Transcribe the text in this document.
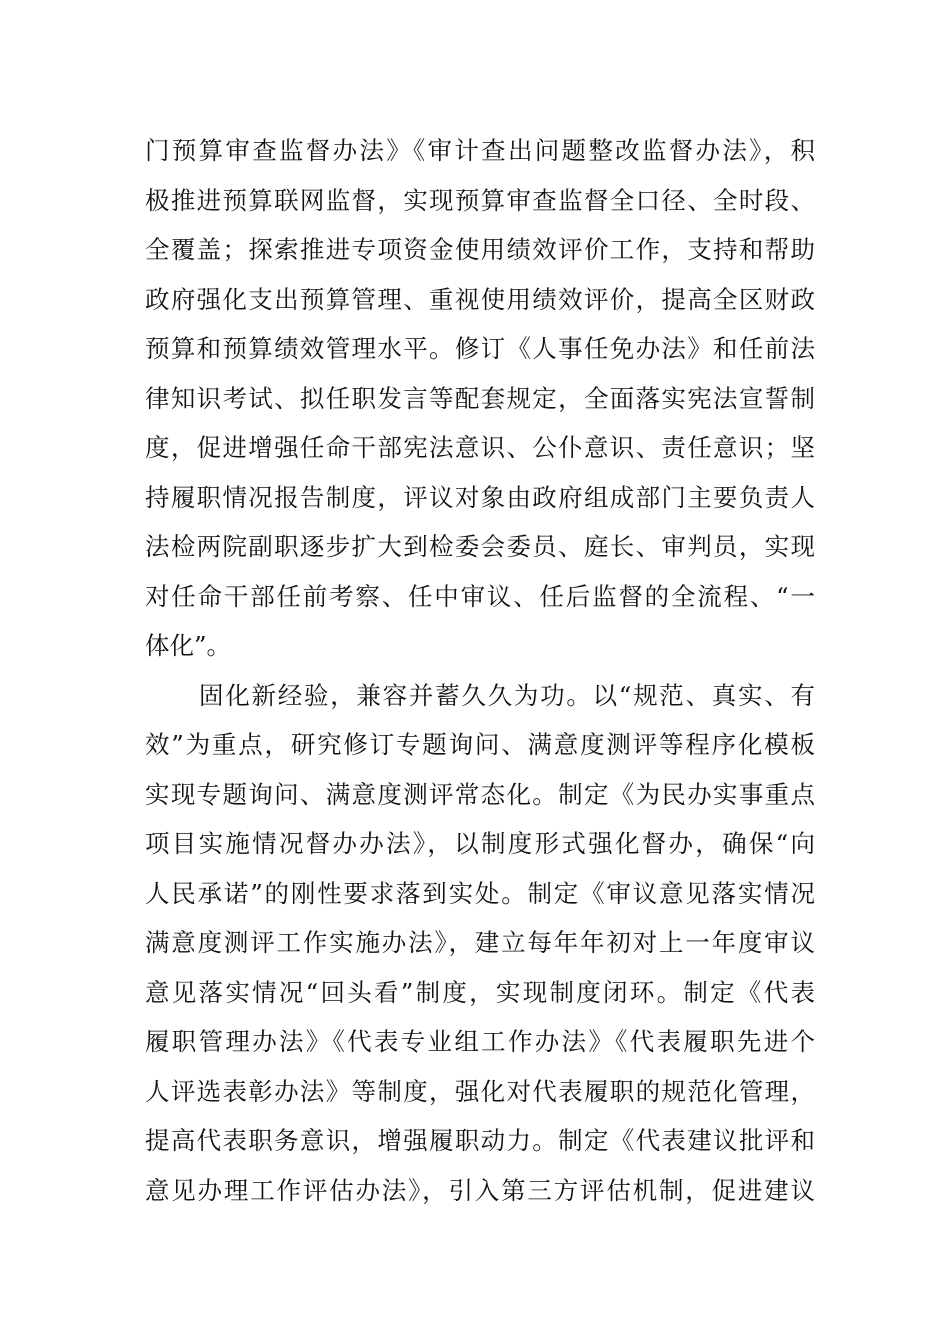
门预算审查监督办法》《审计查出问题整改监督办法》，积
极推进预算联网监督，实现预算审查监督全口径、全时段、
全覆盖；探索推进专项资金使用绩效评价工作，支持和帮助
政府强化支出预算管理、重视使用绩效评价，提高全区财政
预算和预算绩效管理水平。修订《人事任免办法》和任前法
律知识考试、拟任职发言等配套规定，全面落实宪法宣誓制
度，促进增强任命干部宪法意识、公仆意识、责任意识；坚
持履职情况报告制度，评议对象由政府组成部门主要负责人
法检两院副职逐步扩大到检委会委员、庭长、审判员，实现
对任命干部任前考察、任中审议、任后监督的全流程、“一
体化”。
固化新经验，兼容并蓄久久为功。以“规范、真实、有
效”为重点，研究修订专题询问、满意度测评等程序化模板
实现专题询问、满意度测评常态化。制定《为民办实事重点
项目实施情况督办办法》，以制度形式强化督办，确保“向
人民承诺”的刚性要求落到实处。制定《审议意见落实情况
满意度测评工作实施办法》，建立每年年初对上一年度审议
意见落实情况“回头看”制度，实现制度闭环。制定《代表
履职管理办法》《代表专业组工作办法》《代表履职先进个
人评选表彰办法》等制度，强化对代表履职的规范化管理，
提高代表职务意识，增强履职动力。制定《代表建议批评和
意见办理工作评估办法》，引入第三方评估机制，促进建议
